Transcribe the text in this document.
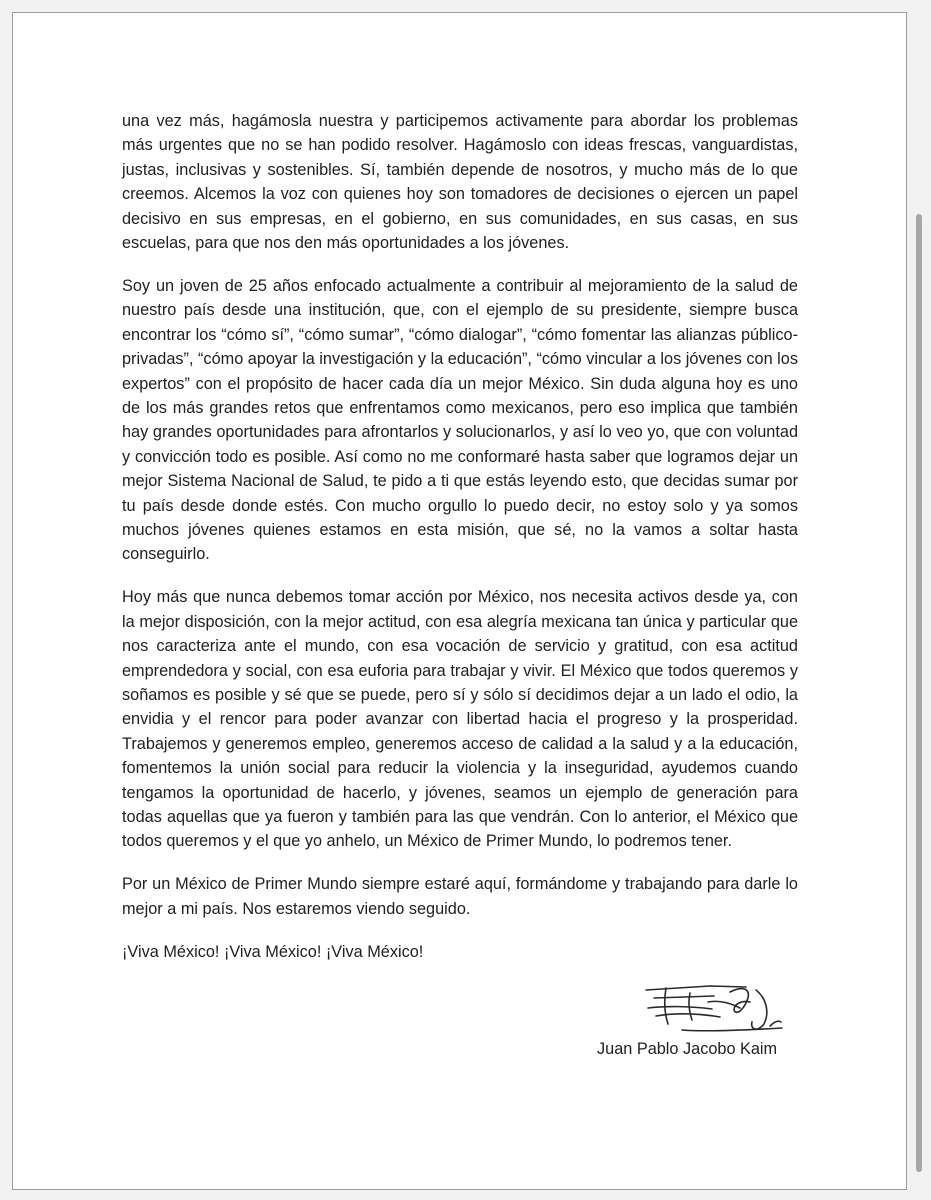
una vez más, hagámosla nuestra y participemos activamente para abordar los problemas más urgentes que no se han podido resolver. Hagámoslo con ideas frescas, vanguardistas, justas, inclusivas y sostenibles. Sí, también depende de nosotros, y mucho más de lo que creemos. Alcemos la voz con quienes hoy son tomadores de decisiones o ejercen un papel decisivo en sus empresas, en el gobierno, en sus comunidades, en sus casas, en sus escuelas, para que nos den más oportunidades a los jóvenes.

Soy un joven de 25 años enfocado actualmente a contribuir al mejoramiento de la salud de nuestro país desde una institución, que, con el ejemplo de su presidente, siempre busca encontrar los “cómo sí”, “cómo sumar”, “cómo dialogar”, “cómo fomentar las alianzas público-privadas”, “cómo apoyar la investigación y la educación”, “cómo vincular a los jóvenes con los expertos” con el propósito de hacer cada día un mejor México. Sin duda alguna hoy es uno de los más grandes retos que enfrentamos como mexicanos, pero eso implica que también hay grandes oportunidades para afrontarlos y solucionarlos, y así lo veo yo, que con voluntad y convicción todo es posible. Así como no me conformaré hasta saber que logramos dejar un mejor Sistema Nacional de Salud, te pido a ti que estás leyendo esto, que decidas sumar por tu país desde donde estés. Con mucho orgullo lo puedo decir, no estoy solo y ya somos muchos jóvenes quienes estamos en esta misión, que sé, no la vamos a soltar hasta conseguirlo.

Hoy más que nunca debemos tomar acción por México, nos necesita activos desde ya, con la mejor disposición, con la mejor actitud, con esa alegría mexicana tan única y particular que nos caracteriza ante el mundo, con esa vocación de servicio y gratitud, con esa actitud emprendedora y social, con esa euforia para trabajar y vivir. El México que todos queremos y soñamos es posible y sé que se puede, pero sí y sólo sí decidimos dejar a un lado el odio, la envidia y el rencor para poder avanzar con libertad hacia el progreso y la prosperidad. Trabajemos y generemos empleo, generemos acceso de calidad a la salud y a la educación, fomentemos la unión social para reducir la violencia y la inseguridad, ayudemos cuando tengamos la oportunidad de hacerlo, y jóvenes, seamos un ejemplo de generación para todas aquellas que ya fueron y también para las que vendrán. Con lo anterior, el México que todos queremos y el que yo anhelo, un México de Primer Mundo, lo podremos tener.

Por un México de Primer Mundo siempre estaré aquí, formándome y trabajando para darle lo mejor a mi país. Nos estaremos viendo seguido.

¡Viva México! ¡Viva México! ¡Viva México!

Juan Pablo Jacobo Kaim
